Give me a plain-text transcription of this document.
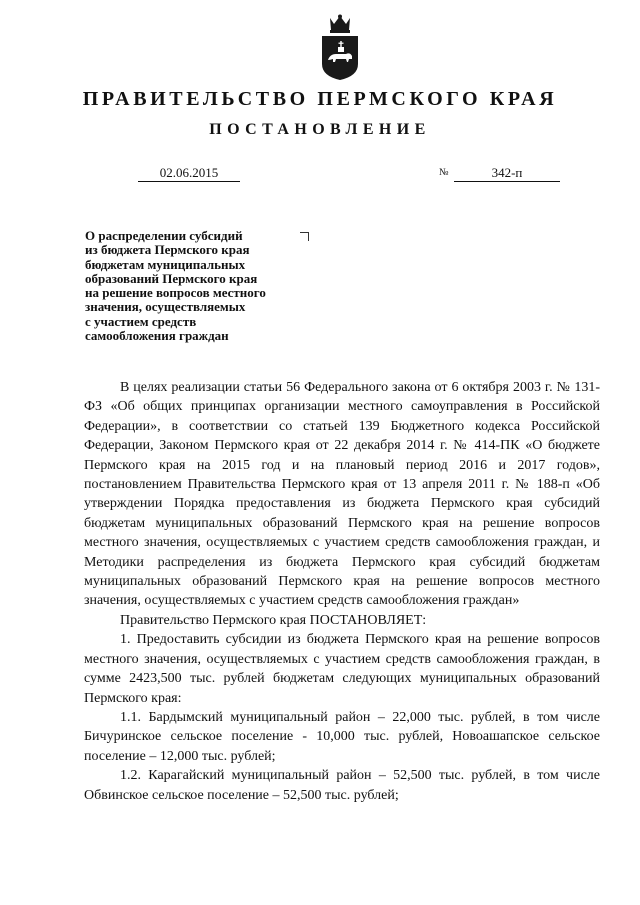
ПРАВИТЕЛЬСТВО ПЕРМСКОГО КРАЯ
ПОСТАНОВЛЕНИЕ
02.06.2015	№	342-п
О распределении субсидий
из бюджета Пермского края
бюджетам муниципальных
образований Пермского края
на решение вопросов местного
значения, осуществляемых
с участием средств
самообложения граждан

В целях реализации статьи 56 Федерального закона от 6 октября 2003 г. № 131-ФЗ «Об общих принципах организации местного самоуправления в Российской Федерации», в соответствии со статьей 139 Бюджетного кодекса Российской Федерации, Законом Пермского края от 22 декабря 2014 г. № 414-ПК «О бюджете Пермского края на 2015 год и на плановый период 2016 и 2017 годов», постановлением Правительства Пермского края от 13 апреля 2011 г. № 188-п «Об утверждении Порядка предоставления из бюджета Пермского края субсидий бюджетам муниципальных образований Пермского края на решение вопросов местного значения, осуществляемых с участием средств самообложения граждан, и Методики распределения из бюджета Пермского края субсидий бюджетам муниципальных образований Пермского края на решение вопросов местного значения, осуществляемых с участием средств самообложения граждан»

Правительство Пермского края ПОСТАНОВЛЯЕТ:

1. Предоставить субсидии из бюджета Пермского края на решение вопросов местного значения, осуществляемых с участием средств самообложения граждан, в сумме 2423,500 тыс. рублей бюджетам следующих муниципальных образований Пермского края:

1.1. Бардымский муниципальный район – 22,000 тыс. рублей, в том числе Бичуринское сельское поселение - 10,000 тыс. рублей, Новоашапское сельское поселение – 12,000 тыс. рублей;

1.2. Карагайский муниципальный район – 52,500 тыс. рублей, в том числе Обвинское сельское поселение – 52,500 тыс. рублей;
